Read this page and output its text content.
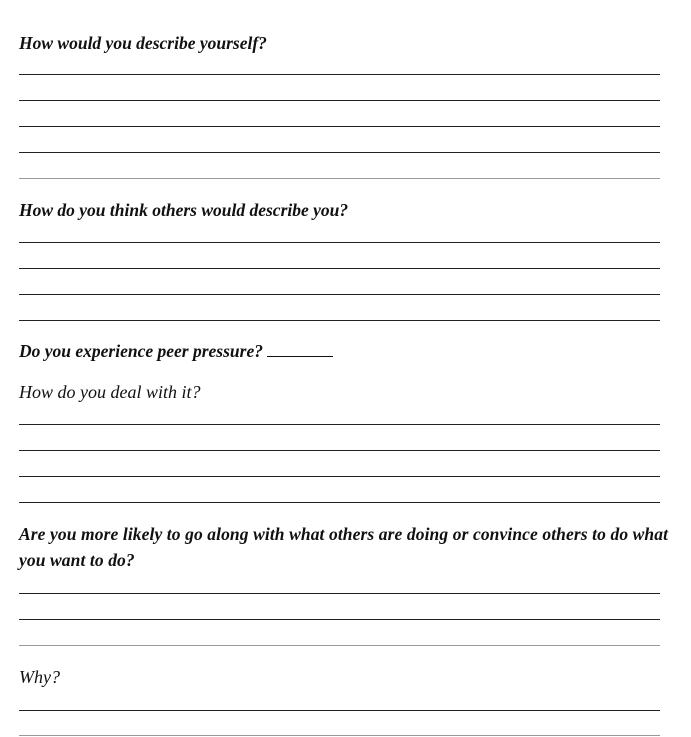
How would you describe yourself?

How do you think others would describe you?

Do you experience peer pressure?

How do you deal with it?

Are you more likely to go along with what others are doing or convince others to do what you want to do?

Why?
